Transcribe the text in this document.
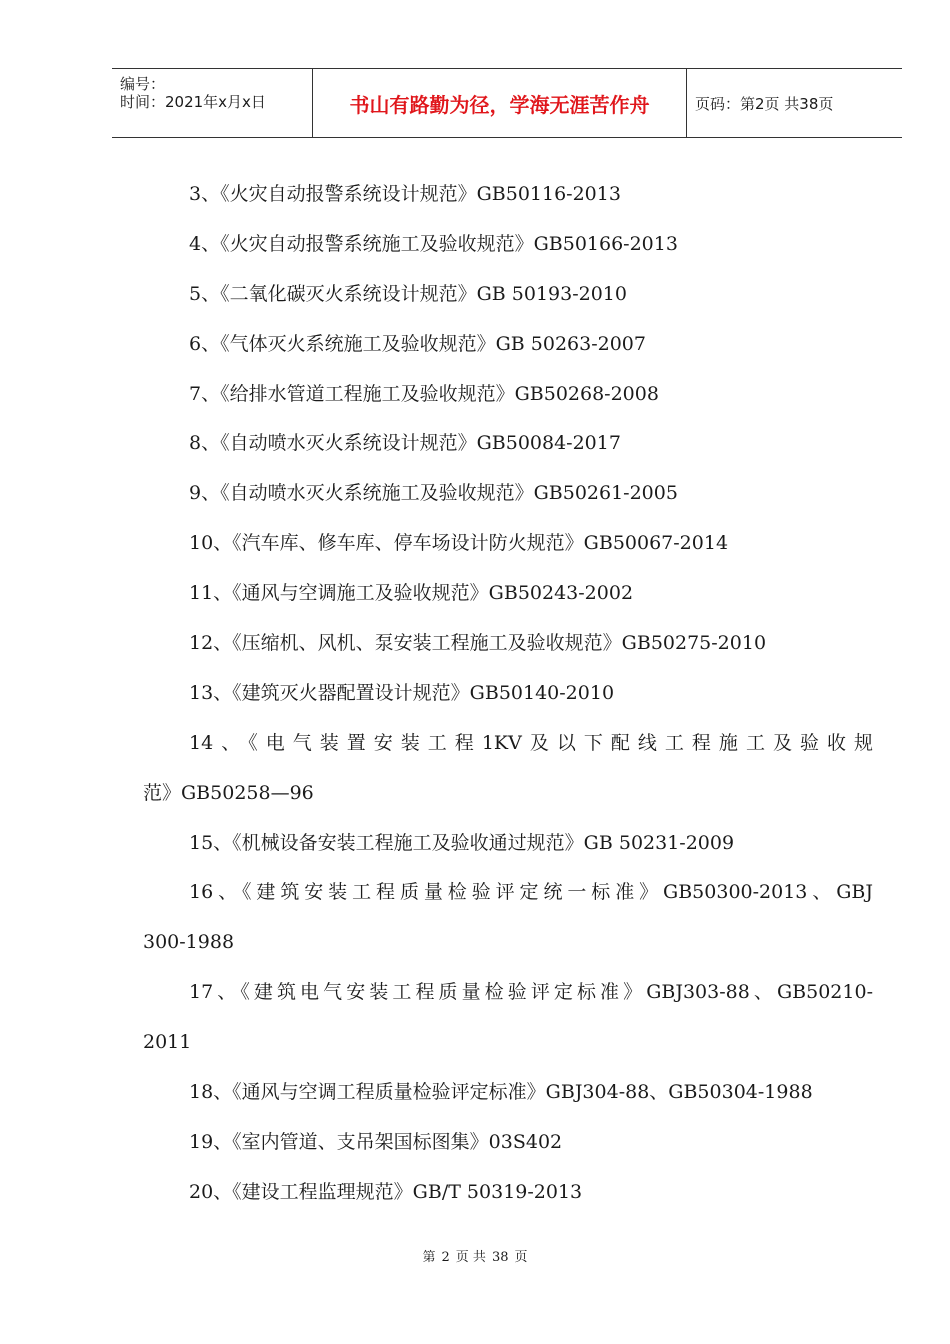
编号：
时间：2021年x月x日	书山有路勤为径，学海无涯苦作舟	页码：第2页 共38页
3、《火灾自动报警系统设计规范》GB50116-2013
4、《火灾自动报警系统施工及验收规范》GB50166-2013
5、《二氧化碳灭火系统设计规范》GB 50193-2010
6、《气体灭火系统施工及验收规范》GB 50263-2007
7、《给排水管道工程施工及验收规范》GB50268-2008
8、《自动喷水灭火系统设计规范》GB50084-2017
9、《自动喷水灭火系统施工及验收规范》GB50261-2005
10、《汽车库、修车库、停车场设计防火规范》GB50067-2014
11、《通风与空调施工及验收规范》GB50243-2002
12、《压缩机、风机、泵安装工程施工及验收规范》GB50275-2010
13、《建筑灭火器配置设计规范》GB50140-2010
14、《电气装置安装工程1KV及以下配线工程施工及验收规
范》GB50258—96
15、《机械设备安装工程施工及验收通过规范》GB 50231-2009
16、《建筑安装工程质量检验评定统一标准》GB50300-2013、GBJ
300-1988
17、《建筑电气安装工程质量检验评定标准》GBJ303-88、GB50210-
2011
18、《通风与空调工程质量检验评定标准》GBJ304-88、GB50304-1988
19、《室内管道、支吊架国标图集》03S402
20、《建设工程监理规范》GB/T 50319-2013
第 2 页 共 38 页
